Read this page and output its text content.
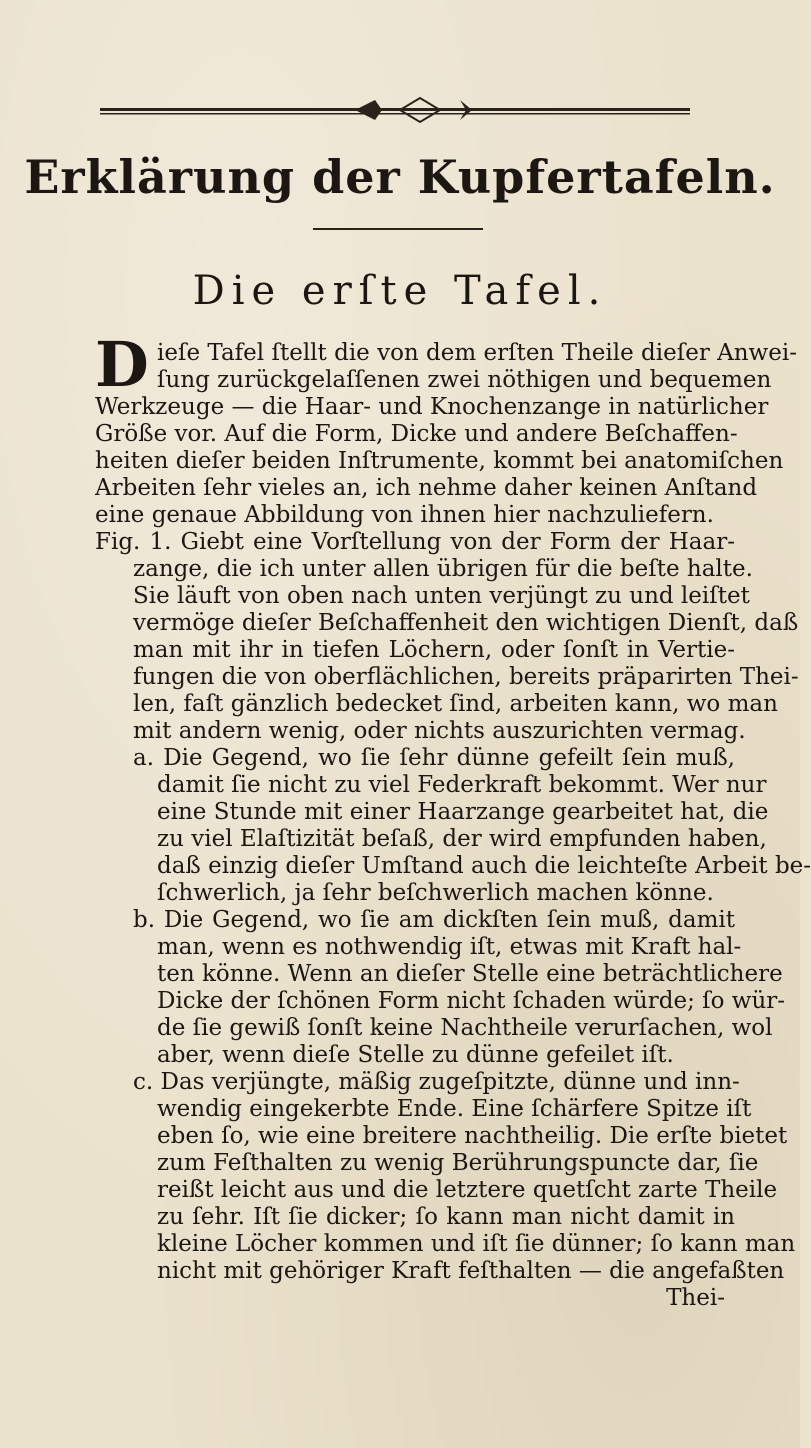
Erklärung der Kupfertafeln.
Die erſte Tafel.
D ieſe Tafel ſtellt die von dem erſten Theile dieſer Anwei-
ſung zurückgelaſſenen zwei nöthigen und bequemen
Werkzeuge — die Haar- und Knochenzange in natürlicher
Größe vor. Auf die Form, Dicke und andere Beſchaffen-
heiten dieſer beiden Inſtrumente, kommt bei anatomiſchen
Arbeiten ſehr vieles an, ich nehme daher keinen Anſtand
eine genaue Abbildung von ihnen hier nachzuliefern.
Fig. 1. Giebt eine Vorſtellung von der Form der Haar-
zange, die ich unter allen übrigen für die beſte halte.
Sie läuft von oben nach unten verjüngt zu und leiſtet
vermöge dieſer Beſchaffenheit den wichtigen Dienſt, daß
man mit ihr in tiefen Löchern, oder ſonſt in Vertie-
fungen die von oberflächlichen, bereits präparirten Thei-
len, faſt gänzlich bedecket ſind, arbeiten kann, wo man
mit andern wenig, oder nichts auszurichten vermag.
a. Die Gegend, wo ſie ſehr dünne gefeilt ſein muß,
damit ſie nicht zu viel Federkraft bekommt. Wer nur
eine Stunde mit einer Haarzange gearbeitet hat, die
zu viel Elaſtizität beſaß, der wird empfunden haben,
daß einzig dieſer Umſtand auch die leichteſte Arbeit be-
ſchwerlich, ja ſehr beſchwerlich machen könne.
b. Die Gegend, wo ſie am dickſten ſein muß, damit
man, wenn es nothwendig iſt, etwas mit Kraft hal-
ten könne. Wenn an dieſer Stelle eine beträchtlichere
Dicke der ſchönen Form nicht ſchaden würde; ſo wür-
de ſie gewiß ſonſt keine Nachtheile verurſachen, wol
aber, wenn dieſe Stelle zu dünne gefeilet iſt.
c. Das verjüngte, mäßig zugeſpitzte, dünne und inn-
wendig eingekerbte Ende. Eine ſchärfere Spitze iſt
eben ſo, wie eine breitere nachtheilig. Die erſte bietet
zum Feſthalten zu wenig Berührungspuncte dar, ſie
reißt leicht aus und die letztere quetſcht zarte Theile
zu ſehr. Iſt ſie dicker; ſo kann man nicht damit in
kleine Löcher kommen und iſt ſie dünner; ſo kann man
nicht mit gehöriger Kraft feſthalten — die angefaßten
Thei-
